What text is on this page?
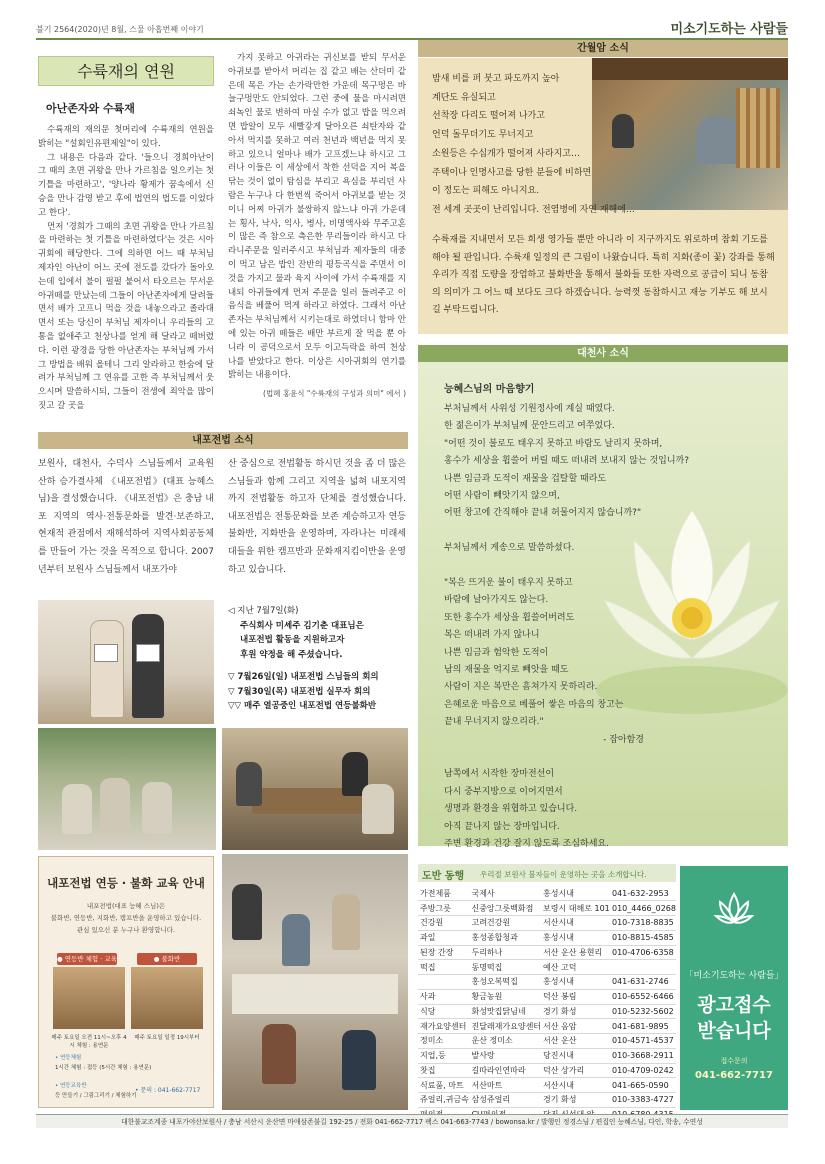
불기 2564(2020)년 8월, 스물 아홉번째 이야기	미소기도하는 사람들
수륙재의 연원
아난존자와 수륙재

수륙재의 재의문 첫머리에 수륙재의 연원을 밝히는 "설회인유편제일"이 있다.

그 내용은 다음과 같다. '들으니 경희아난이 그 때의 초면 귀왕을 만나 가르침을 일으키는 첫 기틀을 마련하고', '양나라 황제가 꿈속에서 신승을 만나 감명 받고 후에 법연의 법도를 이었다고 한다'.

먼저 '경희가 그때의 초면 귀왕을 만나 가르침을 마련하는 첫 기틀을 마련하였다'는 것은 시아귀회에 해당한다. 그에 의하면 어느 때 부처님 제자인 아난이 어느 곳에 전도를 갔다가 돌아오는데 입에서 불이 펄펄 붙어서 타오르는 무서운 아귀떼를 만났는데 그들이 아난존자에게 달려들면서 배가 고프니 먹을 것을 내놓으라고 졸라대면서 또는 당신이 부처님 제자이니 우리들의 고통을 없애주고 천상나를 얻게 해 달라고 떼버렸다. 이런 광경을 당한 아난존자는 부처님께 가서 그 방법을 배워 올테니 그리 알라하고 한숨에 달려가 부처님께 그 연유를 고한 즉 부처님께서 웃으시며 말씀하시되, 그들이 전생에 죄악을 많이 짓고 갈 곳을

가지 못하고 아귀라는 귀신보를 받되 무서운 아귀보를 받아서 머리는 집 같고 배는 산더미 같은데 목은 가는 손가락만한 가운데 목구멍은 바늘구멍만도 안되었다. 그런 중에 물을 마시려면 쇠녹인 물로 변하여 마실 수가 없고 밥을 먹으려면 밥알이 모두 새빨갛게 달아오른 쇠탄자와 같아서 먹지를 못하고 여러 천년과 백년을 먹지 못하고 있으니 얼마나 배가 고프겠느냐 하시고 그러나 이들은 이 세상에서 착한 선덕을 지어 복을 닦는 것이 없이 탐심을 부리고 욕심을 부리던 사람은 누구나 다 한번씩 죽어서 아귀보를 받는 것이니 어찌 아귀가 불쌍하지 않느냐 아귀 가운데는 횡사, 낙사, 익사, 병사, 비명액사와 무주고혼이 많은 즉 참으로 측은한 무리들이라 하시고 다라니주문을 일러주시고 부처님과 제자들의 대중이 먹고 남은 밥인 잔반의 평등곡식을 주면서 이것을 가지고 물과 육지 사이에 가서 수륙재를 지내되 아귀들에게 먼저 주문을 일러 들려주고 이 음식을 베풀어 먹게 하라고 하였다. 그래서 아난존자는 부처님께서 시키는대로 하였더니 함마 안에 있는 아귀 떼들은 배만 부르게 잘 먹을 뿐 아니라 이 공덕으로서 모두 이고득락을 하여 천상나를 받았다고 한다. 이상은 시아귀회의 연기를 밝히는 내용이다.

(법혜 홍윤식 "수륙재의 구성과 의미" 에서 )
간월암 소식
밤새 비를 퍼 붓고 파도까지 높아
계단도 유실되고
선착장 다리도 떨어져 나가고
언덕 돌무더기도 무너지고
소원등은 수십개가 떨어져 사라지고…
주택이나 인명사고를 당한 분들에 비하면
이 정도는 피해도 아니지요.
전 세계 곳곳이 난리입니다. 전염병에 자연 재해에…
수륙재를 지내면서 모든 희생 영가들 뿐만 아니라 이 지구까지도 위로하며 참회 기도를 해야 될 판입니다. 수륙재 일정의 큰 그림이 나왔습니다. 특히 지화(종이 꽃) 강좌를 통해 우리가 직접 도량을 장엄하고 불화반을 통해서 불화들 또한 자력으로 공급이 되니 동참의 의미가 그 어느 때 보다도 크다 하겠습니다. 능력껏 동참하시고 재능 기부도 해 보시길 부탁드립니다.
대천사 소식
능혜스님의 마음향기
부처님께서 사위성 기원정사에 계실 때였다.
한 젊은이가 부처님께 문안드리고 여쭈었다.
"어떤 것이 불로도 태우지 못하고 바람도 날리지 못하며,
홍수가 세상을 휩쓸어 버릴 때도 떠내려 보내지 않는 것입니까?
나쁜 임금과 도적이 재물을 겁탈할 때라도
어떤 사람이 빼앗기지 않으며,
어떤 창고에 간직해야 끝내 허물어지지 않습니까?"
부처님께서 게송으로 말씀하셨다.
"복은 뜨거운 불이 태우지 못하고
바람에 날아가지도 않는다.
또한 홍수가 세상을 휩쓸어버려도
복은 떠내려 가지 않나니
나쁜 임금과 험악한 도적이
남의 재물을 억지로 빼앗을 때도
사람이 지은 복만은 흠쳐가지 못하리라.
은혜로운 마음으로 베풀어 쌓은 마음의 창고는
끝내 무너지지 않으리라."
- 잡아함경
남쪽에서 시작한 장마전선이
다시 중부지방으로 이어지면서
생명과 환경을 위협하고 있습니다.
아직 끝나지 않는 장마입니다.
주변 환경과 건강 잘지 않도록 조심하세요.
내포전법 소식
보원사, 대천사, 수덕사 스님들께서 교육원 산하 승가결사체 《내포전법》(대표 능혜스님)을 결성했습니다. 《내포전법》은 충남 내포 지역의 역사·전통문화를 발견·보존하고, 현재적 관점에서 재해석하여 지역사회공동체를 만들어 가는 것을 목적으로 합니다. 2007년부터 보원사 스님들께서 내포가야
산 중심으로 전법활동 하시던 것을 좀 더 많은 스님들과 함께 그리고 지역을 넓혀 내포지역까지 전법활동 하고자 단체를 결성했습니다. 내포전법은 전통문화를 보존 계승하고자 연등불화반, 지화반을 운영하며, 자라나는 미래세대들을 위한 캠프반과 문화재지킴이반을 운영하고 있습니다.
◁ 지난 7월7일(화)
주식회사 미셰주 김기춘 대표님은
내포전법 활동을 지원하고자
후원 약정을 해 주셨습니다.
▽ 7월26일(일) 내포전법 스님들의 회의
▽ 7월30일(목) 내포전법 실무자 회의
▽▽ 매주 열공중인 내포전법 연등불화반
내포전법 연등 · 불화 교육 안내
내포전법(대표 능혜 스님)은
불화반, 연등반, 지화반, 캠프반을 운영하고 있습니다.
관심 있으신 분 누구나 환영합니다.
● 연등반 체험 · 교육	● 불화반
매주 토요일 오전 11시~오후 4시 체험 : 용연문
매주 토요일 일정 19시부터
• 연등체험
1시간 체험 : 접등 (5시간 체험 : 용연문)
• 연등교육반
등 만들기 / 그림그리기 / 체험하기
• 문의 : 041-662-7717
도반 동행 우리절 보원사 불자들이 운영하는 곳을 소개합니다.
가전제품	국제사	홍성시내	041-632-2953
주방그릇	신중앙그릇백화점	보령시 대해로 101	010_4466_0268
건강원	고려건강원	서산시내	010-7318-8835
과일	홍성종합청과	홍성시내	010-8815-4585
된장 간장	두리하나	서산 운산 용현리	010-4706-6358
떡집	동명떡집	예산 고덕	
	홍성오복떡집	홍성시내	041-631-2746
사과	황금농원	덕산 봉림	010-6552-6466
식당	화성맛집닭님네	경기 화성	010-5232-5602
재가요양센터	진달래재가요양센터	서산 음암	041-681-9895
정미소	운산 정미소	서산 운산	010-4571-4537
지업,등	발사랑	당진시내	010-3668-2911
찻집	길따라인연따라	덕산 상가리	010-4709-0242
식료품, 마트	서산마트	서산시내	041-665-0590
쥬얼리,귀금속	삼성쥬얼리	경기 화성	010-3383-4727

「미소기도하는 사람들」
광고접수
받습니다
접수문의
041-662-7717
대한불교조계종 내포가야산보원사 / 충남 서산시 운산면 마애삼존불길 192-25 / 전화 041-662-7717 팩스 041-663-7743 / bowonsa.kr / 발행인 정경스님 / 편집인 능혜스님, 다인, 학송, 수연성
